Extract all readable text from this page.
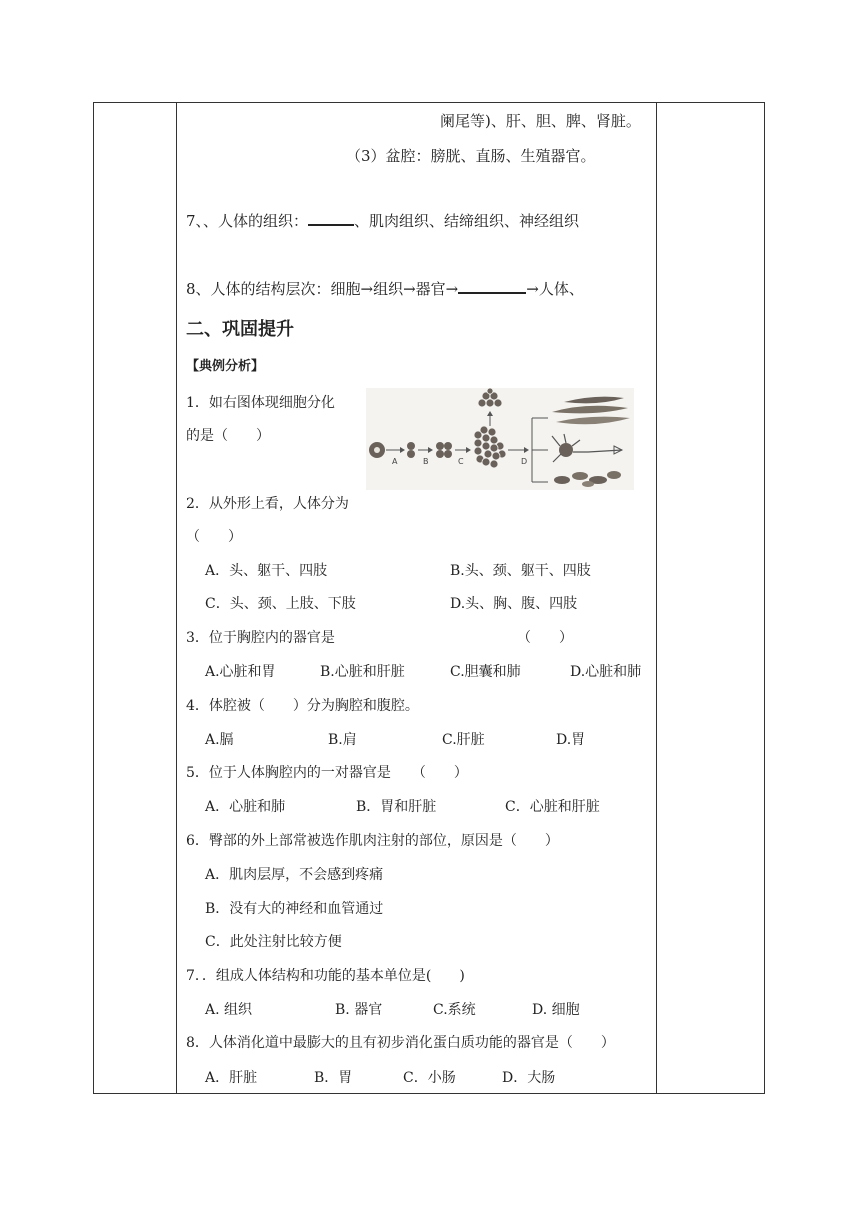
阑尾等)、肝、胆、脾、肾脏。
（3）盆腔：膀胱、直肠、生殖器官。
7、、人体的组织：	、肌肉组织、结缔组织、神经组织
8、人体的结构层次：细胞→组织→器官→	→人体、
二、巩固提升
【典例分析】
1．如右图体现细胞分化
的是（　　）
A	B	C	D
2．从外形上看，人体分为
（　　）
A．头、躯干、四肢	B.头、颈、躯干、四肢
C．头、颈、上肢、下肢	D.头、胸、腹、四肢
3．位于胸腔内的器官是	（　　）
A.心脏和胃	B.心脏和肝脏	C.胆囊和肺	D.心脏和肺
4．体腔被（　　）分为胸腔和腹腔。
A.膈	B.肩	C.肝脏	D.胃
5．位于人体胸腔内的一对器官是　　（　　）
A．心脏和肺	B．胃和肝脏	C．心脏和肝脏
6．臀部的外上部常被选作肌肉注射的部位，原因是（　　）
A．肌肉层厚，不会感到疼痛
B．没有大的神经和血管通过
C．此处注射比较方便
7．．组成人体结构和功能的基本单位是(　　)
A. 组织	B. 器官	C.系统	D. 细胞
8．人体消化道中最膨大的且有初步消化蛋白质功能的器官是（　　）
A．肝脏	B．胃	C．小肠	D．大肠
